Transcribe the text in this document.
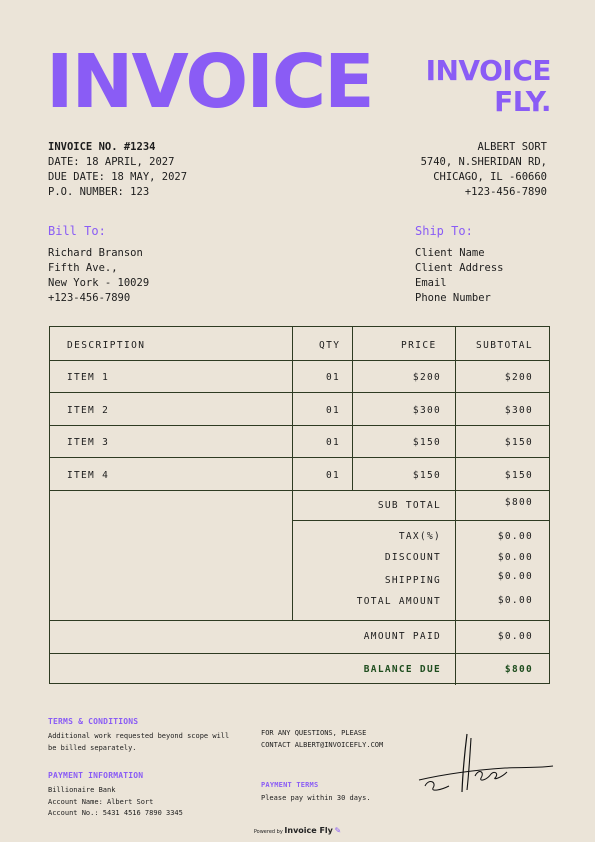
INVOICE INVOICE
FLY.
INVOICE NO. #1234
DATE: 18 APRIL, 2027
DUE DATE: 18 MAY, 2027
P.O. NUMBER: 123
ALBERT SORT
5740, N.SHERIDAN RD,
CHICAGO, IL -60660
+123-456-7890
Bill To:
Richard Branson
Fifth Ave.,
New York - 10029
+123-456-7890
Ship To:
Client Name
Client Address
Email
Phone Number
DESCRIPTION	QTY	PRICE	SUBTOTAL
ITEM 1	01	$200	$200
ITEM 2	01	$300	$300
ITEM 3	01	$150	$150
ITEM 4	01	$150	$150
SUB TOTAL	$800
TAX(%)	$0.00
DISCOUNT	$0.00
SHIPPING	$0.00
TOTAL AMOUNT	$0.00
AMOUNT PAID	$0.00
BALANCE DUE	$800
TERMS & CONDITIONS
Additional work requested beyond scope will
be billed separately.
FOR ANY QUESTIONS, PLEASE
CONTACT ALBERT@INVOICEFLY.COM
PAYMENT INFORMATION
Billionaire Bank
Account Name: Albert Sort
Account No.: 5431 4516 7890 3345
PAYMENT TERMS
Please pay within 30 days.
Powered by Invoice Fly ✎
